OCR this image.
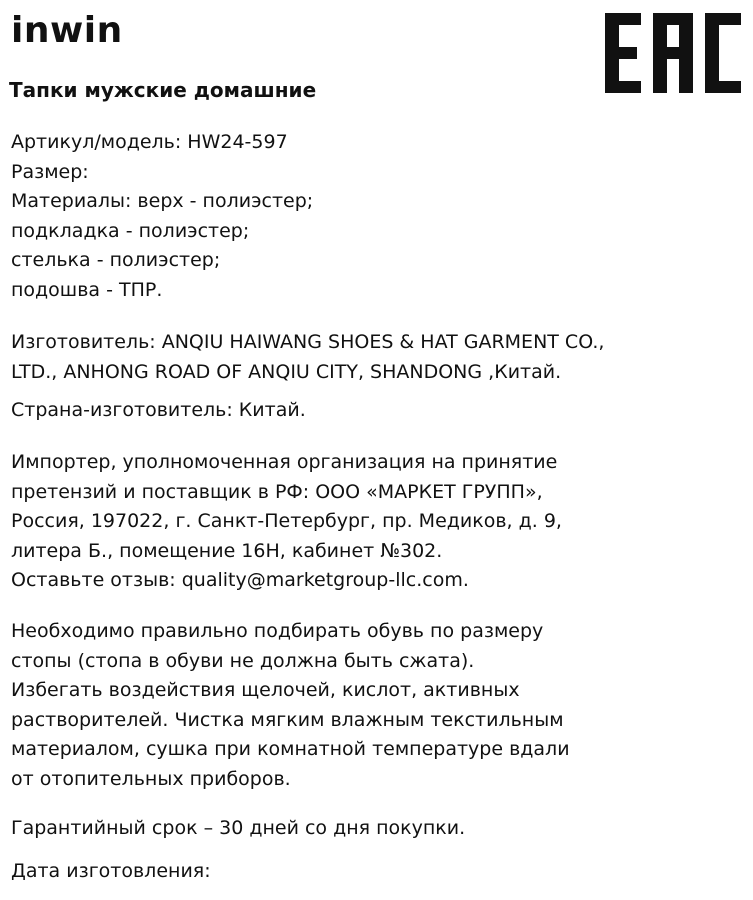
inwin
Тапки мужские домашние
Артикул/модель: HW24-597
Размер:
Материалы: верх - полиэстер;
подкладка - полиэстер;
стелька - полиэстер;
подошва - ТПР.
Изготовитель: ANQIU HAIWANG SHOES & HAT GARMENT CO.,
LTD., ANHONG ROAD OF ANQIU CITY, SHANDONG ,Китай.
Страна-изготовитель: Китай.
Импортер, уполномоченная организация на принятие
претензий и поставщик в РФ: ООО «МАРКЕТ ГРУПП»,
Россия, 197022, г. Санкт-Петербург, пр. Медиков, д. 9,
литера Б., помещение 16Н, кабинет №302.
Оставьте отзыв: quality@marketgroup-llc.com.
Необходимо правильно подбирать обувь по размеру
стопы (стопа в обуви не должна быть сжата).
Избегать воздействия щелочей, кислот, активных
растворителей. Чистка мягким влажным текстильным
материалом, сушка при комнатной температуре вдали
от отопительных приборов.
Гарантийный срок – 30 дней со дня покупки.
Дата изготовления:
